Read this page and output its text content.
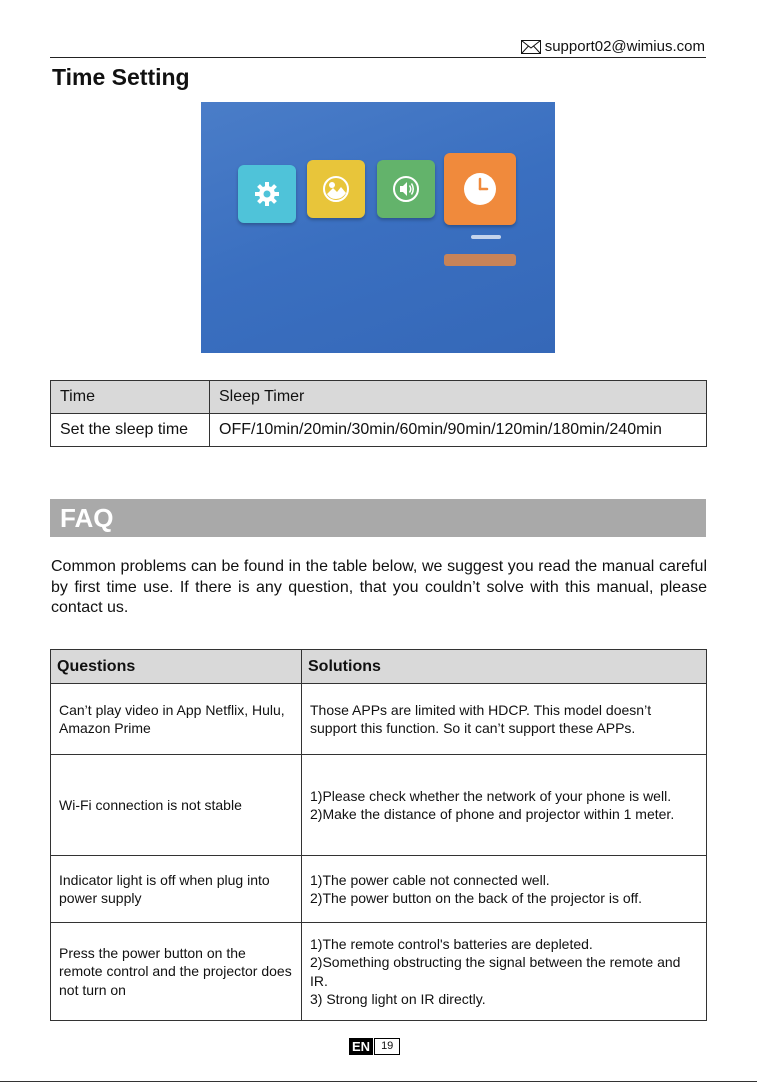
support02@wimius.com
Time Setting
Time	Sleep Timer
Set the sleep time	OFF/10min/20min/30min/60min/90min/120min/180min/240min
FAQ
Common problems can be found in the table below, we suggest you read the manual careful by first time use. If there is any question, that you couldn’t solve with this manual, please contact us.
Questions	Solutions
Can’t play video in App Netflix, Hulu, Amazon Prime	Those APPs are limited with HDCP. This model doesn’t support this function. So it can’t support these APPs.

Wi-Fi connection is not stable	1)Please check whether the network of your phone is well.
2)Make the distance of phone and projector within 1 meter.

Indicator light is off when plug into power supply	1)The power cable not connected well.
2)The power button on the back of the projector is off.

Press the power button on the remote control and the projector does not turn on	1)The remote control's batteries are depleted.
2)Something obstructing the signal between the remote and IR.
3) Strong light on IR directly.
EN	19
